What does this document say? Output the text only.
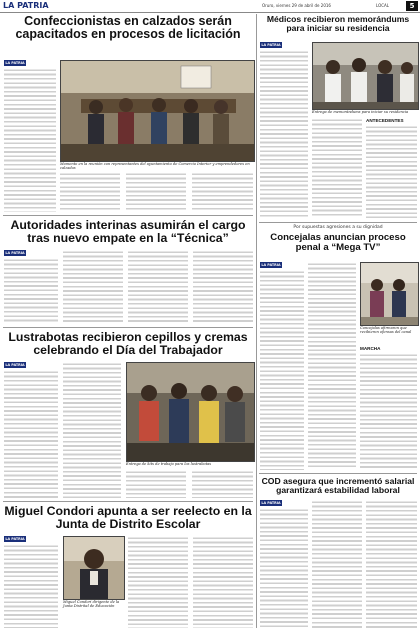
LA PATRIA	Oruro, viernes 29 de abril de 2016	LOCAL	5
Confeccionistas en calzados serán capacitados en procesos de licitación
LA PATRIA
Momento en la reunión con representantes del ayuntamiento de Comercio Interior y emprendedores en calzados
Autoridades interinas asumirán el cargo tras nuevo empate en la “Técnica”
LA PATRIA
Lustrabotas recibieron cepillos y cremas celebrando el Día del Trabajador
LA PATRIA
Entrega de kits de trabajo para los lustrabotas
Miguel Condori apunta a ser reelecto en la Junta de Distrito Escolar
LA PATRIA
Miguel Condori dirigente de la Junta Distrital de Educación
Médicos recibieron memorándums para iniciar su residencia
LA PATRIA
Entrega de memorándums para iniciar su residencia
ANTECEDENTES
Por supuestas agresiones a su dignidad
Concejalas anuncian proceso penal a “Mega TV”
LA PATRIA
Concejalas afirmaron que recibieron ofensas del canal
MARCHA
COD asegura que incrementó salarial garantizará estabilidad laboral
LA PATRIA
